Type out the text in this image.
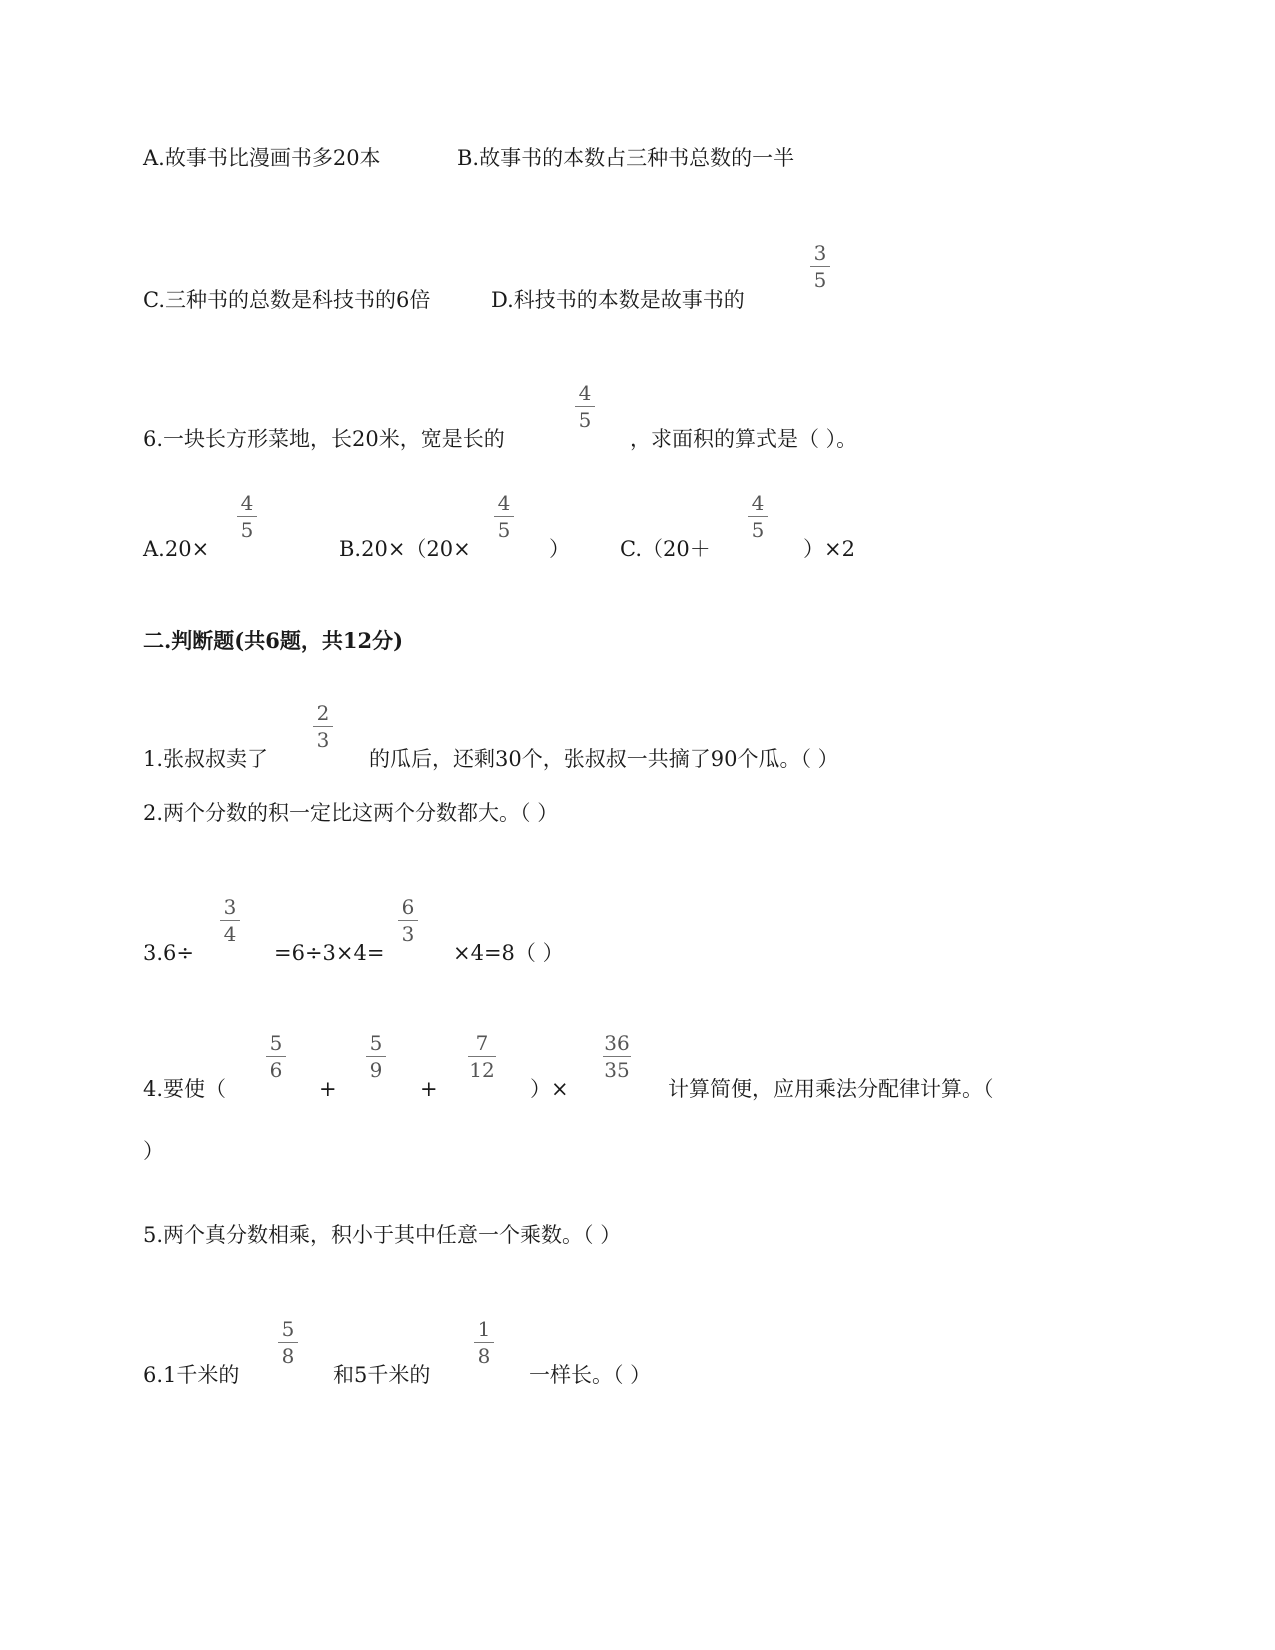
A.故事书比漫画书多20本	B.故事书的本数占三种书总数的一半
C.三种书的总数是科技书的6倍	D.科技书的本数是故事书的
3
5
6.一块长方形菜地，长20米，宽是长的
4
5
，求面积的算式是（ ）。
A.20×
4
5
B.20×（20×
4
5
） C.（20＋
4
5
）×2
二.判断题(共6题，共12分)
1.张叔叔卖了
2
3
的瓜后，还剩30个，张叔叔一共摘了90个瓜。（ ）
2.两个分数的积一定比这两个分数都大。（ ）
3.6÷
3
4
=6÷3×4=
6
3
×4=8（ ）
4.要使（
5
6
+
5
9
+
7
12
）×
36
35
计算简便，应用乘法分配律计算。（
）
5.两个真分数相乘，积小于其中任意一个乘数。（ ）
6.1千米的
5
8
和5千米的
1
8
一样长。（ ）
